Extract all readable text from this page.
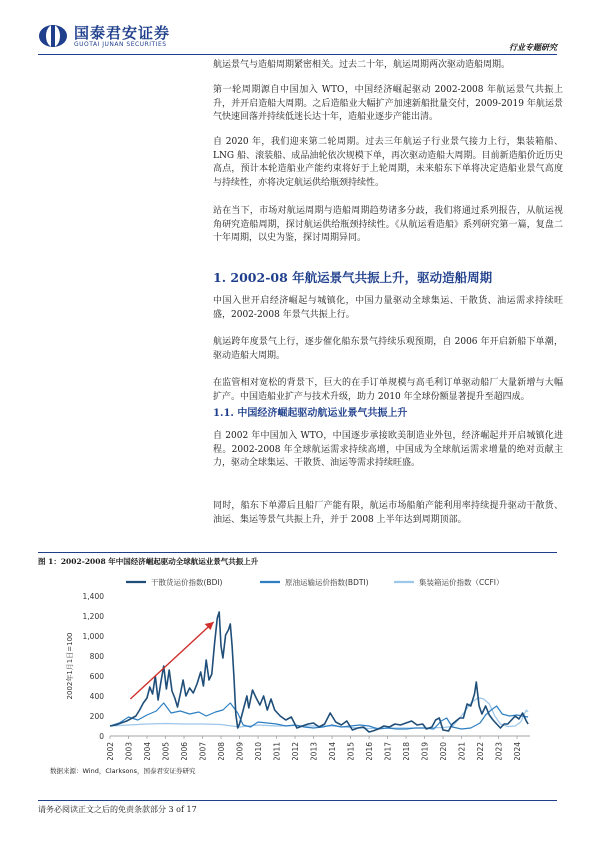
国泰君安证券
GUOTAI JUNAN SECURITIES	行业专题研究

航运景气与造船周期紧密相关。过去二十年，航运周期两次驱动造船周期。

第一轮周期源自中国加入 WTO，中国经济崛起驱动 2002-2008 年航运景气共振上升，并开启造船大周期。之后造船业大幅扩产加速新船批量交付，2009-2019 年航运景气快速回落并持续低迷长达十年，造船业逐步产能出清。

自 2020 年，我们迎来第二轮周期。过去三年航运子行业景气接力上行，集装箱船、LNG 船、滚装船、成品油轮依次规模下单，再次驱动造船大周期。目前新造船价近历史高点，预计本轮造船业产能约束将好于上轮周期，未来船东下单将决定造船业景气高度与持续性，亦将决定航运供给瓶颈持续性。

站在当下，市场对航运周期与造船周期趋势诸多分歧，我们将通过系列报告，从航运视角研究造船周期，探讨航运供给瓶颈持续性。《从航运看造船》系列研究第一篇，复盘二十年周期，以史为鉴，探讨周期异同。

1. 2002-08 年航运景气共振上升，驱动造船周期

中国入世开启经济崛起与城镇化，中国力量驱动全球集运、干散货、油运需求持续旺盛，2002-2008 年景气共振上行。

航运跨年度景气上行，逐步催化船东景气持续乐观预期，自 2006 年开启新船下单潮，驱动造船大周期。

在监管相对宽松的背景下，巨大的在手订单规模与高毛利订单驱动船厂大量新增与大幅扩产。中国造船业扩产与技术升级，助力 2010 年全球份额显著提升至超四成。

1.1. 中国经济崛起驱动航运业景气共振上升

自 2002 年中国加入 WTO，中国逐步承接欧美制造业外包，经济崛起并开启城镇化进程。2002-2008 年全球航运需求持续高增，中国成为全球航运需求增量的绝对贡献主力，驱动全球集运、干散货、油运等需求持续旺盛。

同时，船东下单滞后且船厂产能有限，航运市场船舶产能利用率持续提升驱动干散货、油运、集运等景气共振上升，并于 2008 上半年达到周期顶部。

图 1：2002-2008 年中国经济崛起驱动全球航运业景气共振上升
0
200
400
600
800
1,000
1,200
1,400
2002年1月1日=100
2002 2003 2004 2005 2006 2007 2008 2009 2010 2011 2012 2013 2014 2015 2016 2017 2018 2019 2020 2021 2022 2023 2024
干散货运价指数(BDI)	原油运输运价指数(BDTI)	集装箱运价指数（CCFI）
数据来源：Wind，Clarksons，国泰君安证券研究
请务必阅读正文之后的免责条款部分 3 of 17
